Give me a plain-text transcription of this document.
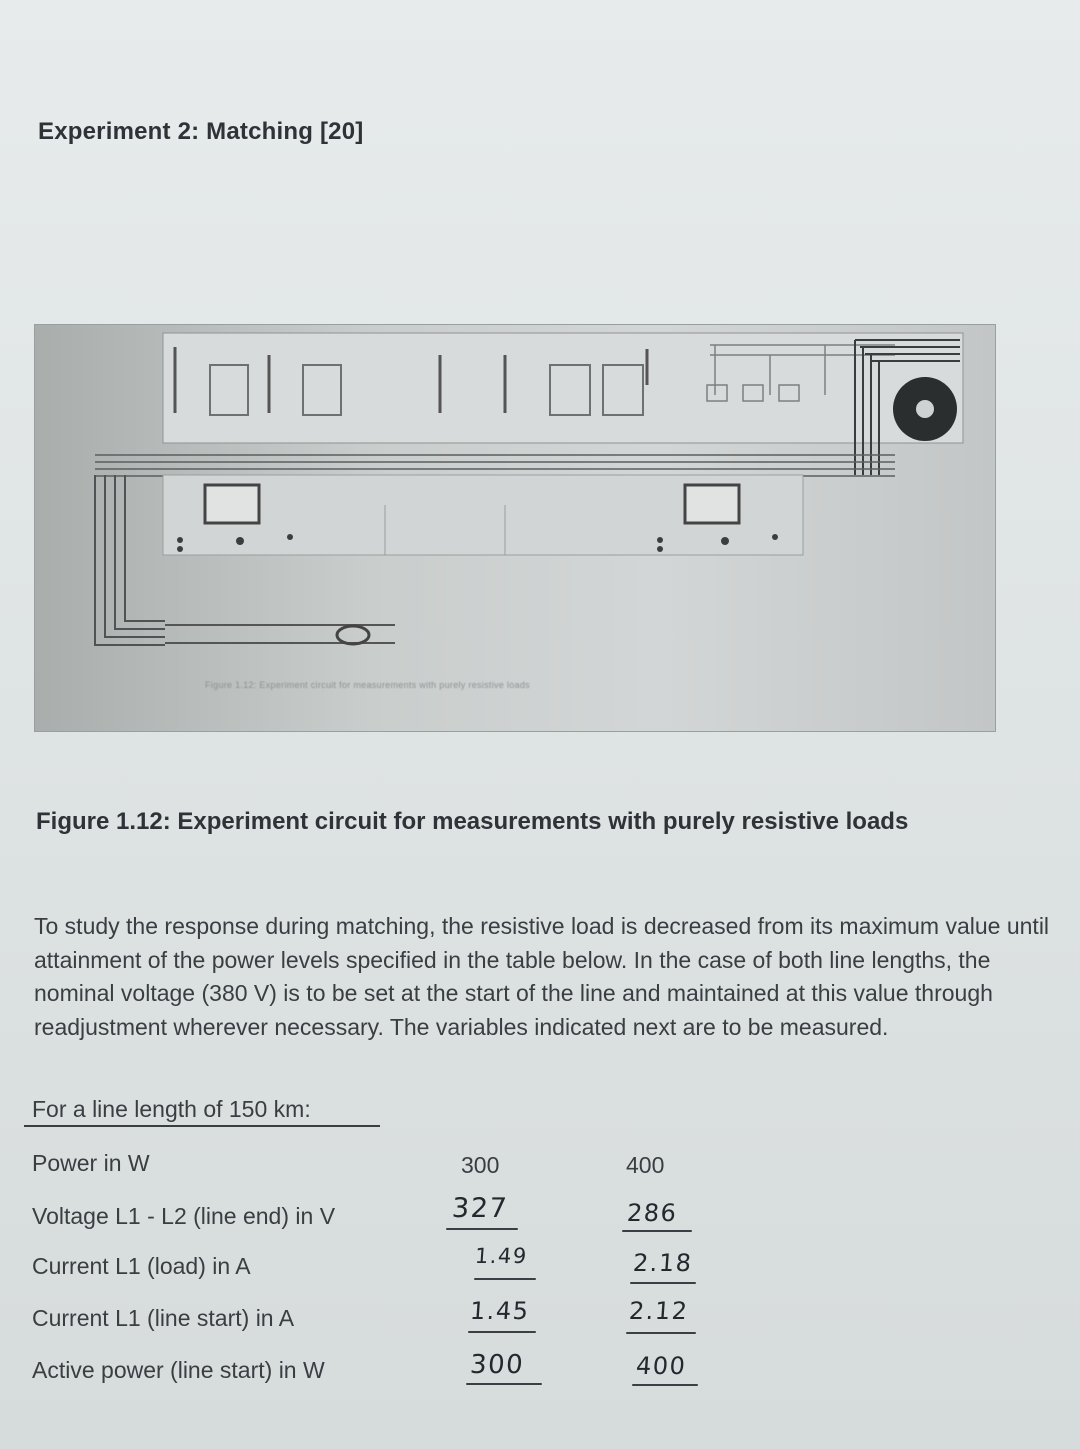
Experiment 2: Matching [20]
Figure 1.12: Experiment circuit for measurements with purely resistive loads
Figure 1.12: Experiment circuit for measurements with purely resistive loads
To study the response during matching, the resistive load is decreased from its maximum value until attainment of the power levels specified in the table below. In the case of both line lengths, the nominal voltage (380 V) is to be set at the start of the line and maintained at this value through readjustment wherever necessary. The variables indicated next are to be measured.
For a line length of 150 km:
Power in W	300	400
Voltage L1 - L2 (line end) in V	327	286
Current L1 (load) in A	1.49	2.18
Current L1 (line start) in A	1.45	2.12
Active power (line start) in W	300	400
